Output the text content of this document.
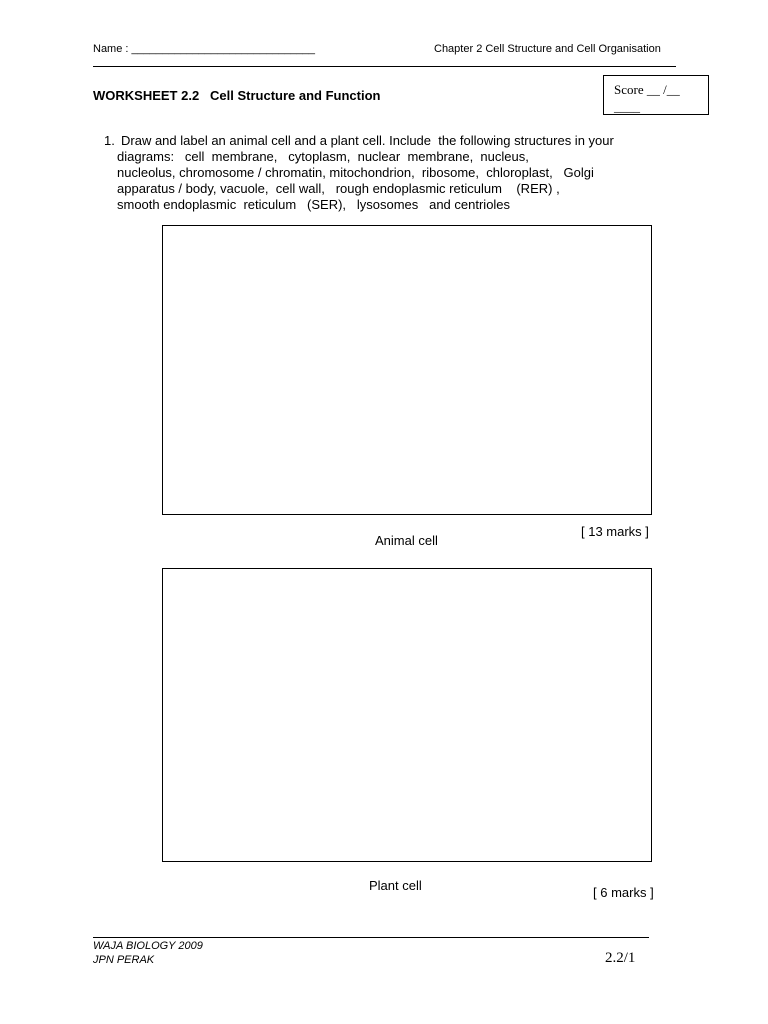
Name : ______________________________	Chapter 2 Cell Structure and Cell Organisation
WORKSHEET 2.2   Cell Structure and Function	Score __ /__
____
1. Draw and label an animal cell and a plant cell. Include  the following structures in your
diagrams:   cell  membrane,   cytoplasm,  nuclear  membrane,  nucleus,
nucleolus, chromosome / chromatin, mitochondrion,  ribosome,  chloroplast,   Golgi
apparatus / body, vacuole,  cell wall,   rough endoplasmic reticulum    (RER) ,
smooth endoplasmic  reticulum   (SER),   lysosomes   and centrioles
[ 13 marks ]
Animal cell
Plant cell	[ 6 marks ]
WAJA BIOLOGY 2009
JPN PERAK	2.2/1
